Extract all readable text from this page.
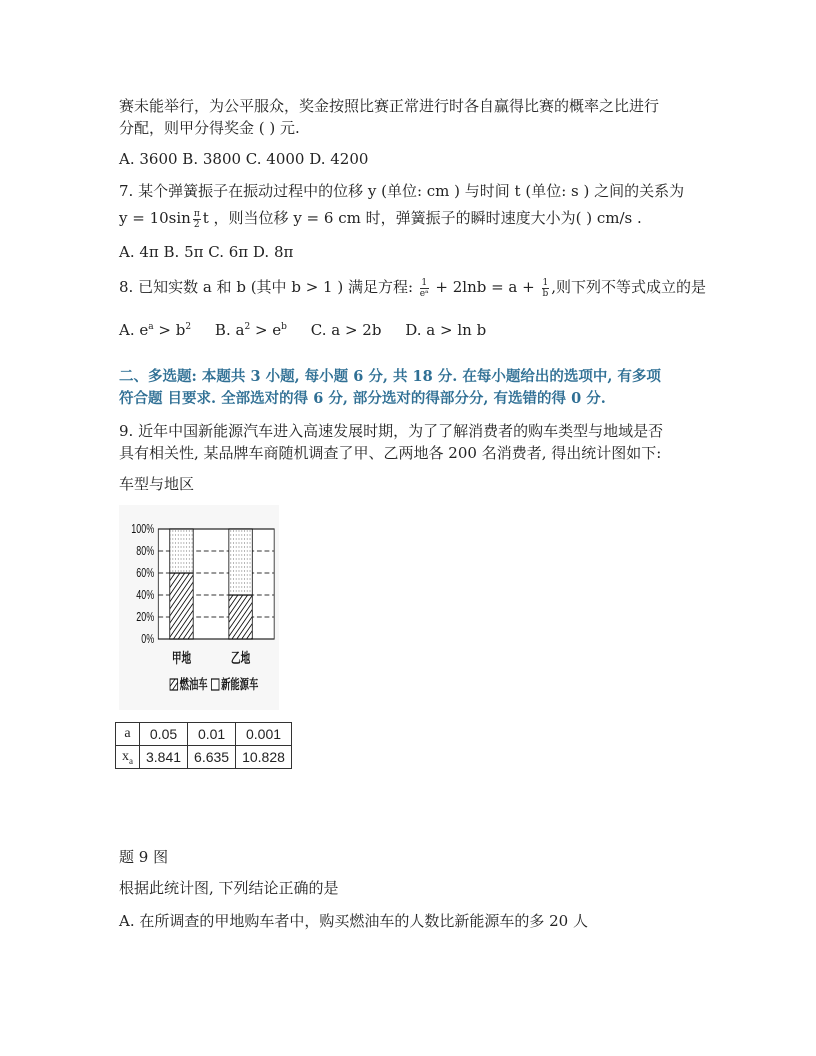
赛未能举行，为公平服众，奖金按照比赛正常进行时各自赢得比赛的概率之比进行
分配，则甲分得奖金 ( ) 元.
A. 3600 B. 3800 C. 4000 D. 4200
7. 某个弹簧振子在振动过程中的位移 y (单位: cm ) 与时间 t (单位: s ) 之间的关系为
$y = 10\sin \frac{\pi}{2}$ t ，则当位移 y = 6 cm 时，弹簧振子的瞬时速度大小为( ) cm/s .
A. 4π B. 5π C. 6π D. 8π
8. 已知实数 a 和 b (其中 b > 1 ) 满足方程: $\frac{1}{\text{eᵃ}} + 2\ln b = a + \frac{1}{b}$ ,则下列不等式成立的是
A. $e^a > b^2$ B. $a^2 > e^b$ C. a > 2b D. a > ln b
二、多选题: 本题共 3 小题, 每小题 6 分, 共 18 分. 在每小题给出的选项中, 有多项
符合题 目要求. 全部选对的得 6 分, 部分选对的得部分分, 有选错的得 0 分.
9. 近年中国新能源汽车进入高速发展时期，为了了解消费者的购车类型与地域是否
具有相关性, 某品牌车商随机调查了甲、乙两地各 200 名消费者, 得出统计图如下:
车型与地区
0%
20%
40%
60%
80%
100%
甲地	乙地
燃油车 新能源车
a	0.05	0.01	0.001
$x_a$	3.841	6.635	10.828
题 9 图
根据此统计图, 下列结论正确的是
A. 在所调查的甲地购车者中，购买燃油车的人数比新能源车的多 20 人
